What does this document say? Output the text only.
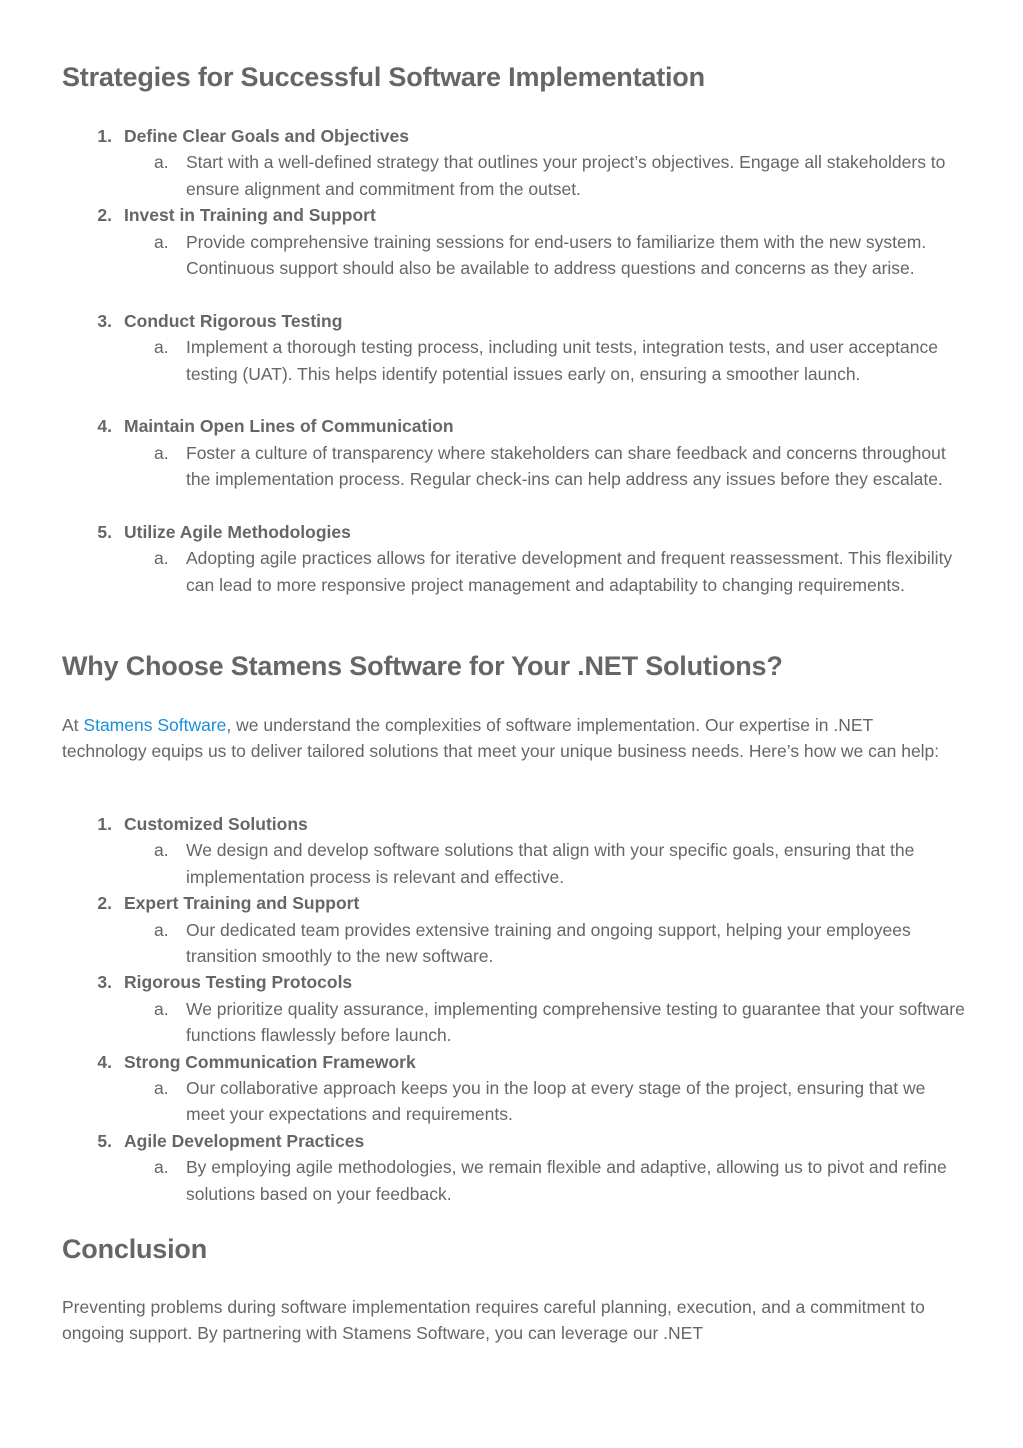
Strategies for Successful Software Implementation
1. Define Clear Goals and Objectives
a. Start with a well-defined strategy that outlines your project’s objectives. Engage all stakeholders to ensure alignment and commitment from the outset.
2. Invest in Training and Support
a. Provide comprehensive training sessions for end-users to familiarize them with the new system. Continuous support should also be available to address questions and concerns as they arise.
3. Conduct Rigorous Testing
a. Implement a thorough testing process, including unit tests, integration tests, and user acceptance testing (UAT). This helps identify potential issues early on, ensuring a smoother launch.
4. Maintain Open Lines of Communication
a. Foster a culture of transparency where stakeholders can share feedback and concerns throughout the implementation process. Regular check-ins can help address any issues before they escalate.
5. Utilize Agile Methodologies
a. Adopting agile practices allows for iterative development and frequent reassessment. This flexibility can lead to more responsive project management and adaptability to changing requirements.
Why Choose Stamens Software for Your .NET Solutions?

At Stamens Software, we understand the complexities of software implementation. Our expertise in .NET technology equips us to deliver tailored solutions that meet your unique business needs. Here’s how we can help:

1. Customized Solutions
a. We design and develop software solutions that align with your specific goals, ensuring that the implementation process is relevant and effective.
2. Expert Training and Support
a. Our dedicated team provides extensive training and ongoing support, helping your employees transition smoothly to the new software.
3. Rigorous Testing Protocols
a. We prioritize quality assurance, implementing comprehensive testing to guarantee that your software functions flawlessly before launch.
4. Strong Communication Framework
a. Our collaborative approach keeps you in the loop at every stage of the project, ensuring that we meet your expectations and requirements.
5. Agile Development Practices
a. By employing agile methodologies, we remain flexible and adaptive, allowing us to pivot and refine solutions based on your feedback.
Conclusion

Preventing problems during software implementation requires careful planning, execution, and a commitment to ongoing support. By partnering with Stamens Software, you can leverage our .NET
